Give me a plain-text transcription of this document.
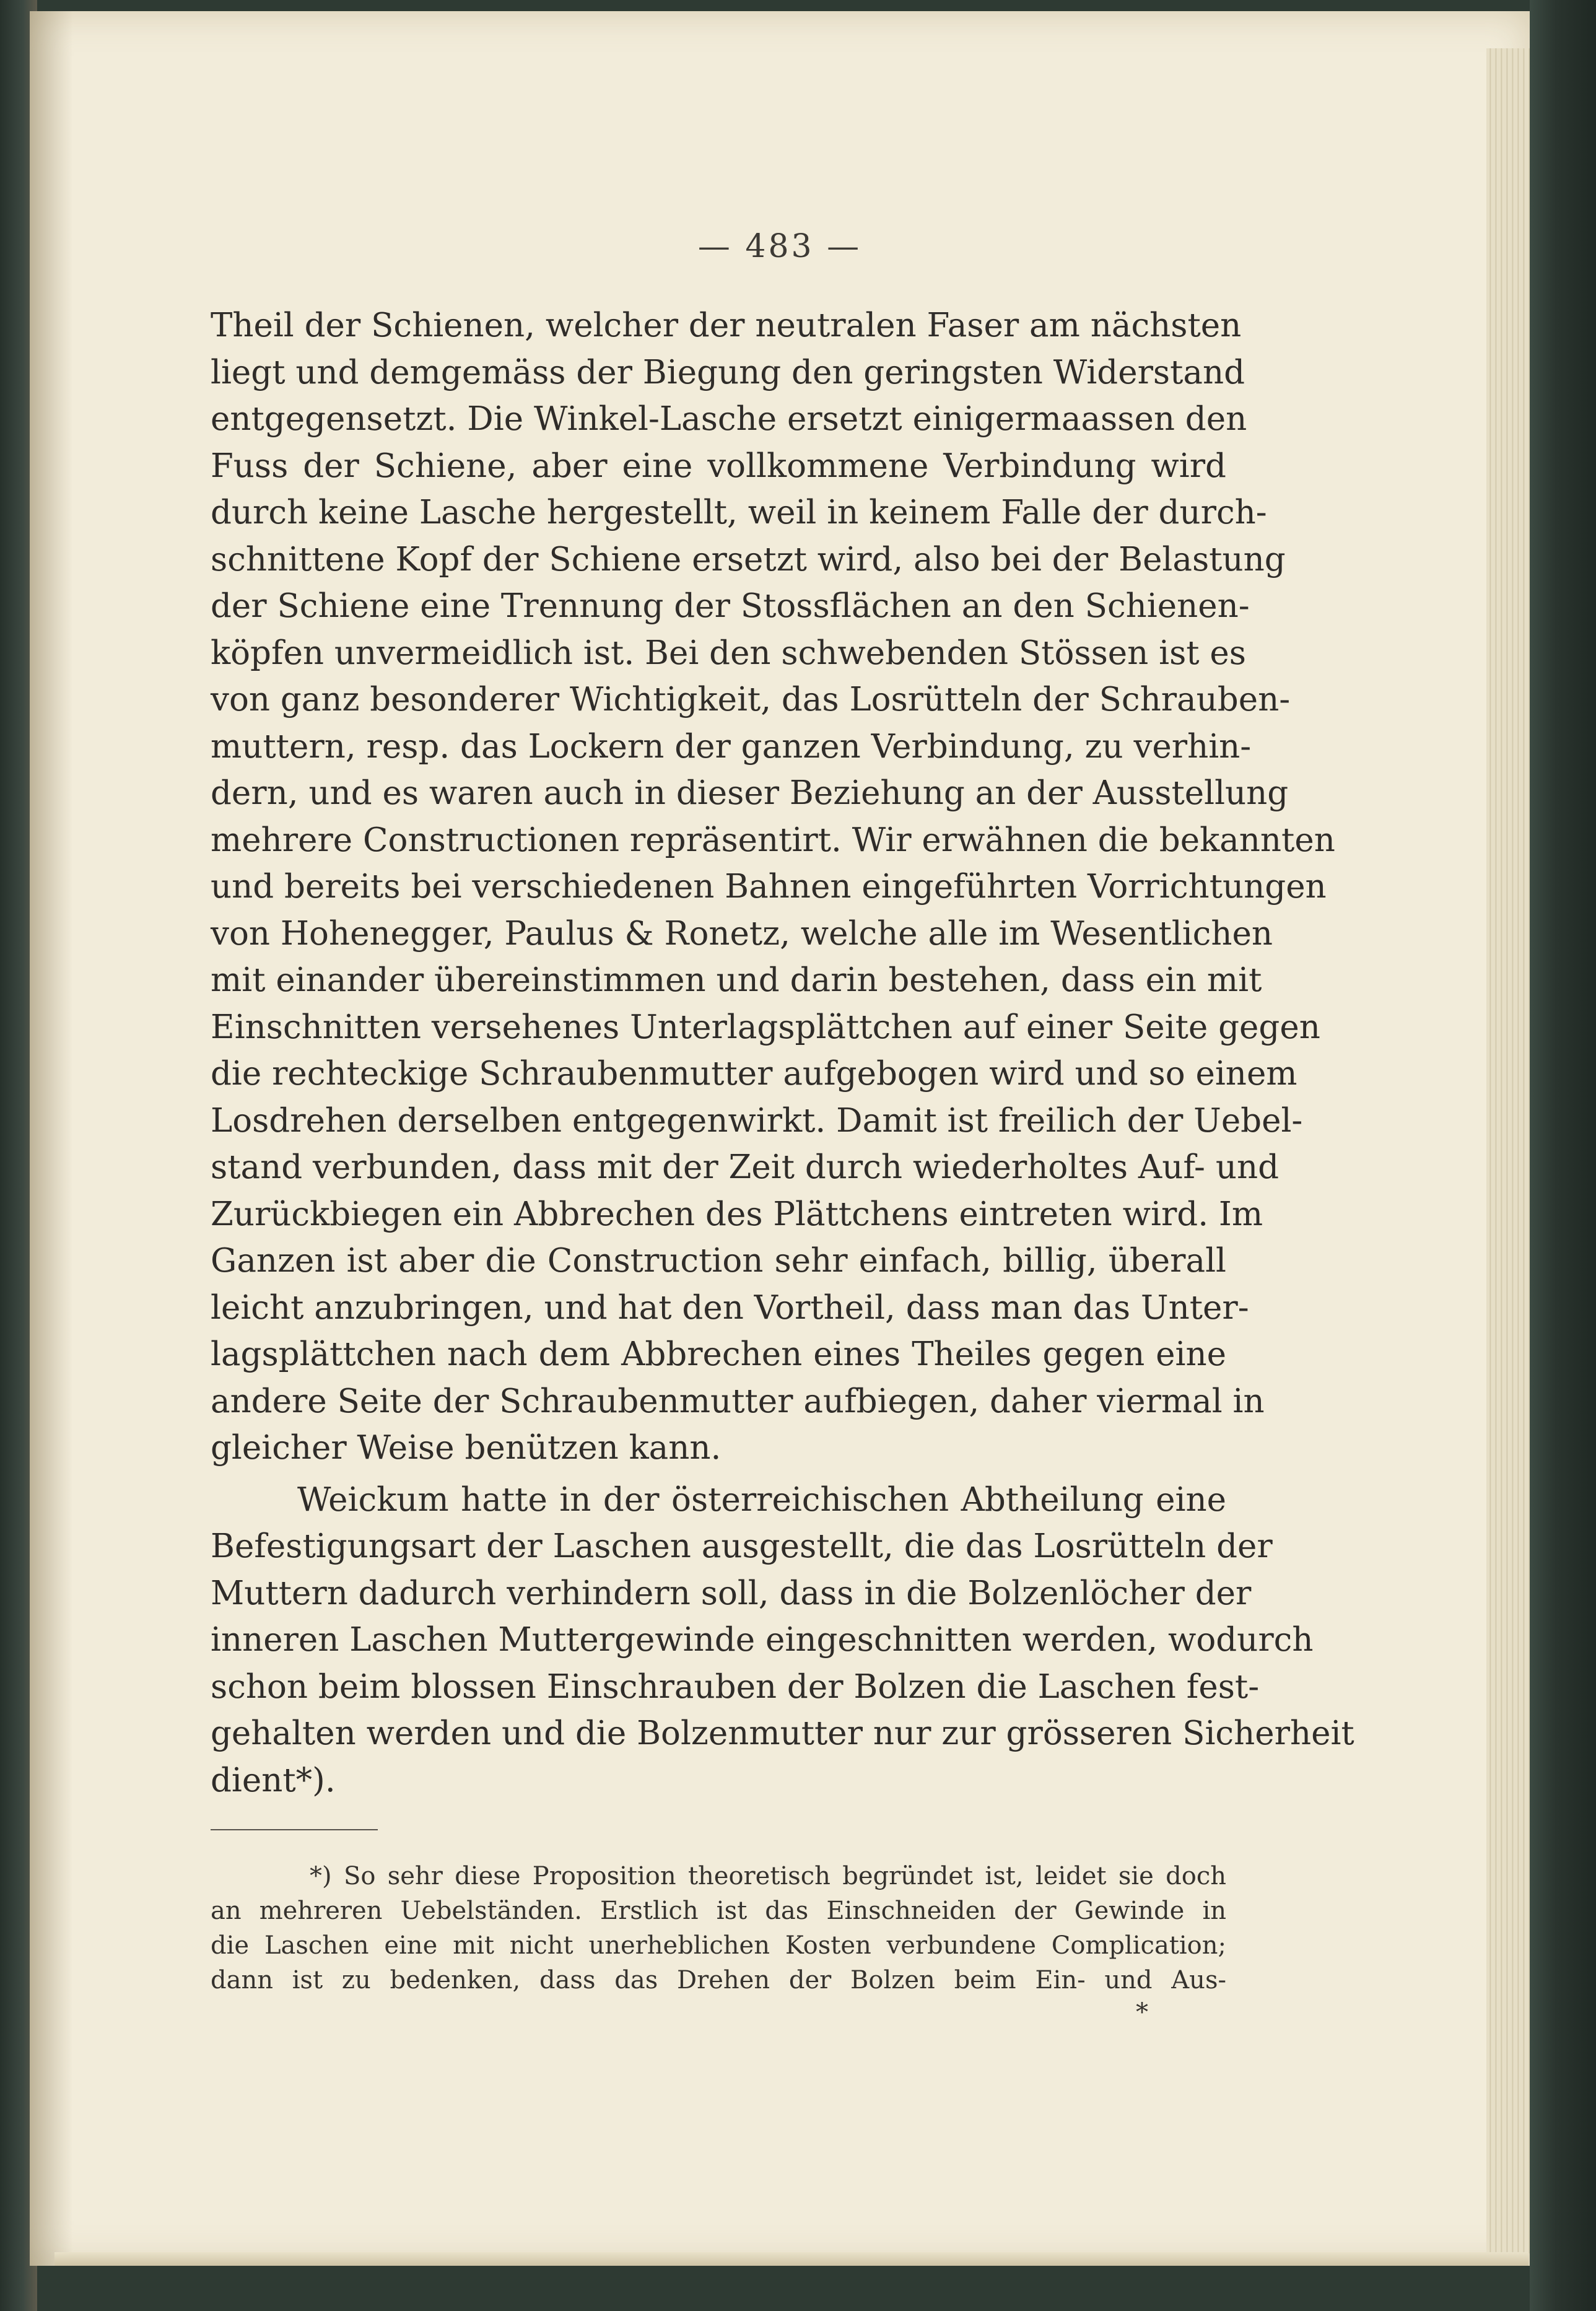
— 483 —
Theil der Schienen, welcher der neutralen Faser am nächsten
liegt und demgemäss der Biegung den geringsten Widerstand
entgegensetzt. Die Winkel-Lasche ersetzt einigermaassen den
Fuss der Schiene, aber eine vollkommene Verbindung wird
durch keine Lasche hergestellt, weil in keinem Falle der durch-
schnittene Kopf der Schiene ersetzt wird, also bei der Belastung
der Schiene eine Trennung der Stossflächen an den Schienen-
köpfen unvermeidlich ist. Bei den schwebenden Stössen ist es
von ganz besonderer Wichtigkeit, das Losrütteln der Schrauben-
muttern, resp. das Lockern der ganzen Verbindung, zu verhin-
dern, und es waren auch in dieser Beziehung an der Ausstellung
mehrere Constructionen repräsentirt. Wir erwähnen die bekannten
und bereits bei verschiedenen Bahnen eingeführten Vorrichtungen
von Hohenegger, Paulus & Ronetz, welche alle im Wesentlichen
mit einander übereinstimmen und darin bestehen, dass ein mit
Einschnitten versehenes Unterlagsplättchen auf einer Seite gegen
die rechteckige Schraubenmutter aufgebogen wird und so einem
Losdrehen derselben entgegenwirkt. Damit ist freilich der Uebel-
stand verbunden, dass mit der Zeit durch wiederholtes Auf- und
Zurückbiegen ein Abbrechen des Plättchens eintreten wird. Im
Ganzen ist aber die Construction sehr einfach, billig, überall
leicht anzubringen, und hat den Vortheil, dass man das Unter-
lagsplättchen nach dem Abbrechen eines Theiles gegen eine
andere Seite der Schraubenmutter aufbiegen, daher viermal in
gleicher Weise benützen kann.
Weickum hatte in der österreichischen Abtheilung eine
Befestigungsart der Laschen ausgestellt, die das Losrütteln der
Muttern dadurch verhindern soll, dass in die Bolzenlöcher der
inneren Laschen Muttergewinde eingeschnitten werden, wodurch
schon beim blossen Einschrauben der Bolzen die Laschen fest-
gehalten werden und die Bolzenmutter nur zur grösseren Sicherheit
dient*).
*) So sehr diese Proposition theoretisch begründet ist, leidet sie doch
an mehreren Uebelständen. Erstlich ist das Einschneiden der Gewinde in
die Laschen eine mit nicht unerheblichen Kosten verbundene Complication;
dann ist zu bedenken, dass das Drehen der Bolzen beim Ein- und Aus-
*
